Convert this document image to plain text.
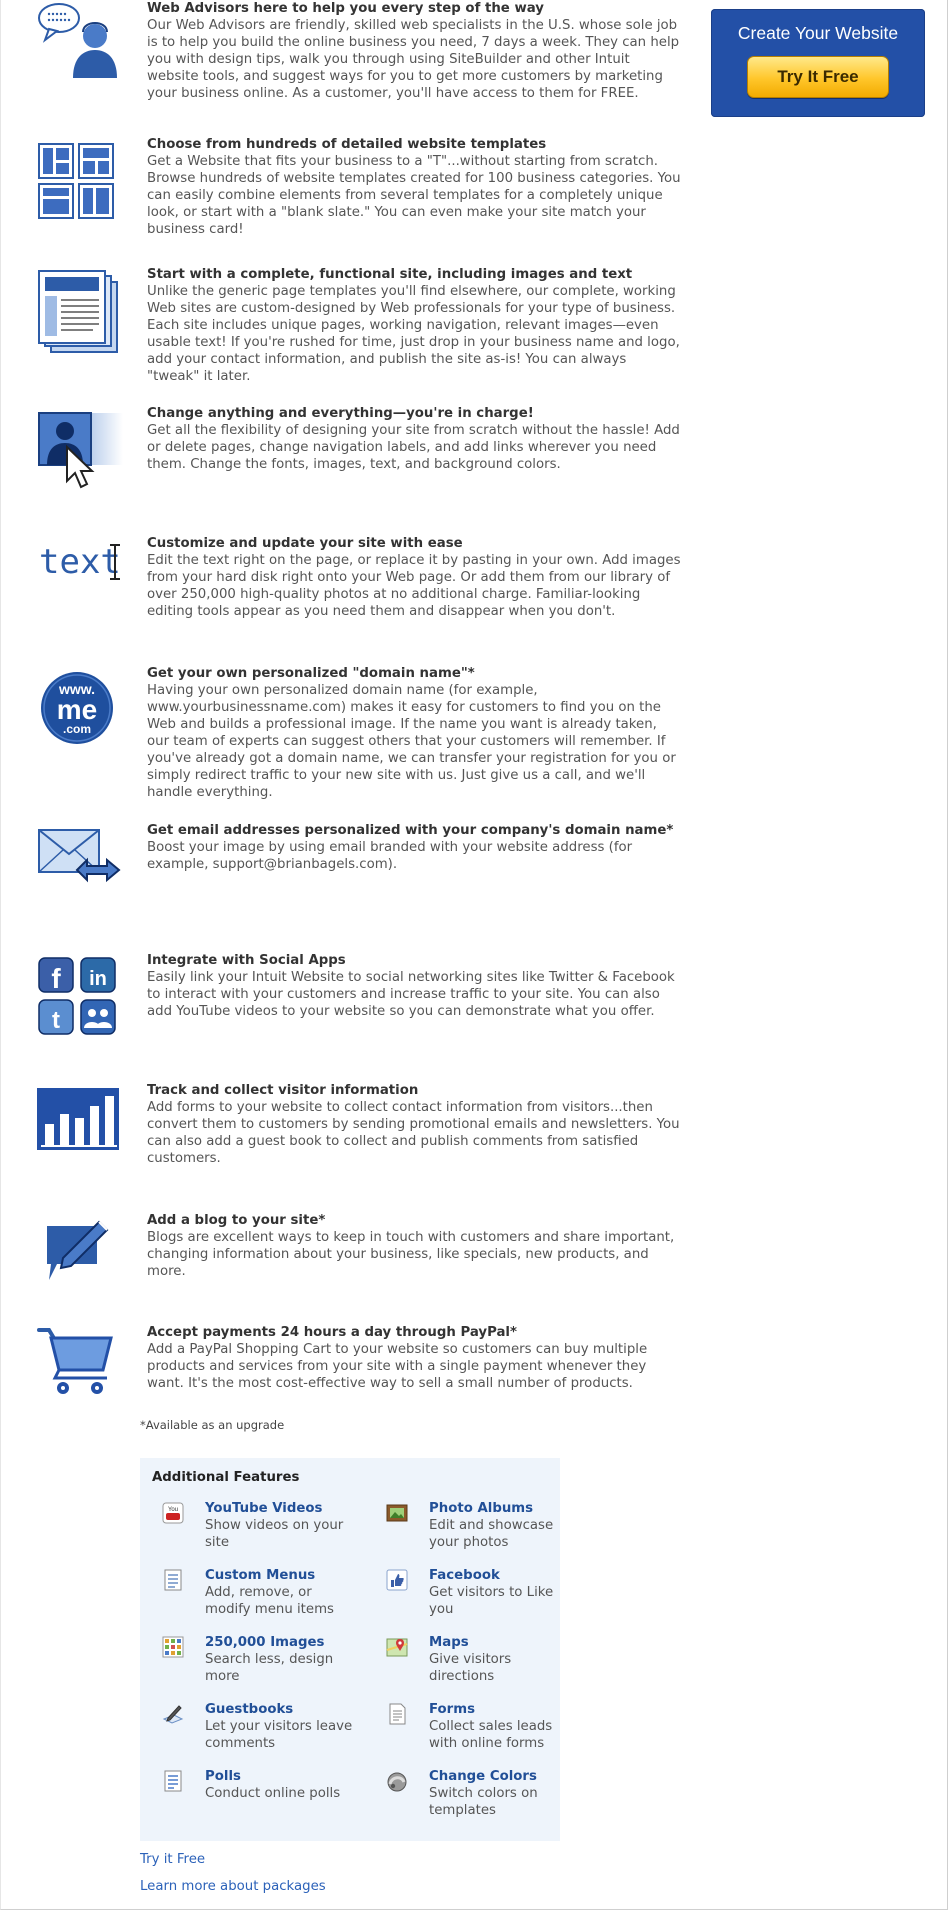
Create Your Website
Try It Free
Web Advisors here to help you every step of the way
Our Web Advisors are friendly, skilled web specialists in the U.S. whose sole job is to help you build the online business you need, 7 days a week. They can help you with design tips, walk you through using SiteBuilder and other Intuit website tools, and suggest ways for you to get more customers by marketing your business online. As a customer, you'll have access to them for FREE.
Choose from hundreds of detailed website templates
Get a Website that fits your business to a "T"...without starting from scratch. Browse hundreds of website templates created for 100 business categories. You can easily combine elements from several templates for a completely unique look, or start with a "blank slate." You can even make your site match your business card!
Start with a complete, functional site, including images and text
Unlike the generic page templates you'll find elsewhere, our complete, working Web sites are custom-designed by Web professionals for your type of business. Each site includes unique pages, working navigation, relevant images—even usable text! If you're rushed for time, just drop in your business name and logo, add your contact information, and publish the site as-is! You can always "tweak" it later.
Change anything and everything—you're in charge!
Get all the flexibility of designing your site from scratch without the hassle! Add or delete pages, change navigation labels, and add links wherever you need them. Change the fonts, images, text, and background colors.
text Customize and update your site with ease
Edit the text right on the page, or replace it by pasting in your own. Add images from your hard disk right onto your Web page. Or add them from our library of over 250,000 high-quality photos at no additional charge. Familiar-looking editing tools appear as you need them and disappear when you don't.
www.
me
.com
Get your own personalized "domain name"*
Having your own personalized domain name (for example, www.yourbusinessname.com) makes it easy for customers to find you on the Web and builds a professional image. If the name you want is already taken, our team of experts can suggest others that your customers will remember. If you've already got a domain name, we can transfer your registration for you or simply redirect traffic to your new site with us. Just give us a call, and we'll handle everything.
Get email addresses personalized with your company's domain name*
Boost your image by using email branded with your website address (for example, support@brianbagels.com).
f in
t
Integrate with Social Apps
Easily link your Intuit Website to social networking sites like Twitter & Facebook to interact with your customers and increase traffic to your site. You can also add YouTube videos to your website so you can demonstrate what you offer.
Track and collect visitor information
Add forms to your website to collect contact information from visitors...then convert them to customers by sending promotional emails and newsletters. You can also add a guest book to collect and publish comments from satisfied customers.
Add a blog to your site*
Blogs are excellent ways to keep in touch with customers and share important, changing information about your business, like specials, new products, and more.
Accept payments 24 hours a day through PayPal*
Add a PayPal Shopping Cart to your website so customers can buy multiple products and services from your site with a single payment whenever they want. It's the most cost-effective way to sell a small number of products.
*Available as an upgrade
Additional Features
You YouTube Videos
Show videos on your site
Photo Albums
Edit and showcase your photos
Custom Menus
Add, remove, or modify menu items
Facebook
Get visitors to Like you
250,000 Images
Search less, design more
Maps
Give visitors directions
Guestbooks
Let your visitors leave comments
Forms
Collect sales leads with online forms
Polls
Conduct online polls
Change Colors
Switch colors on templates
Try it Free
Learn more about packages
